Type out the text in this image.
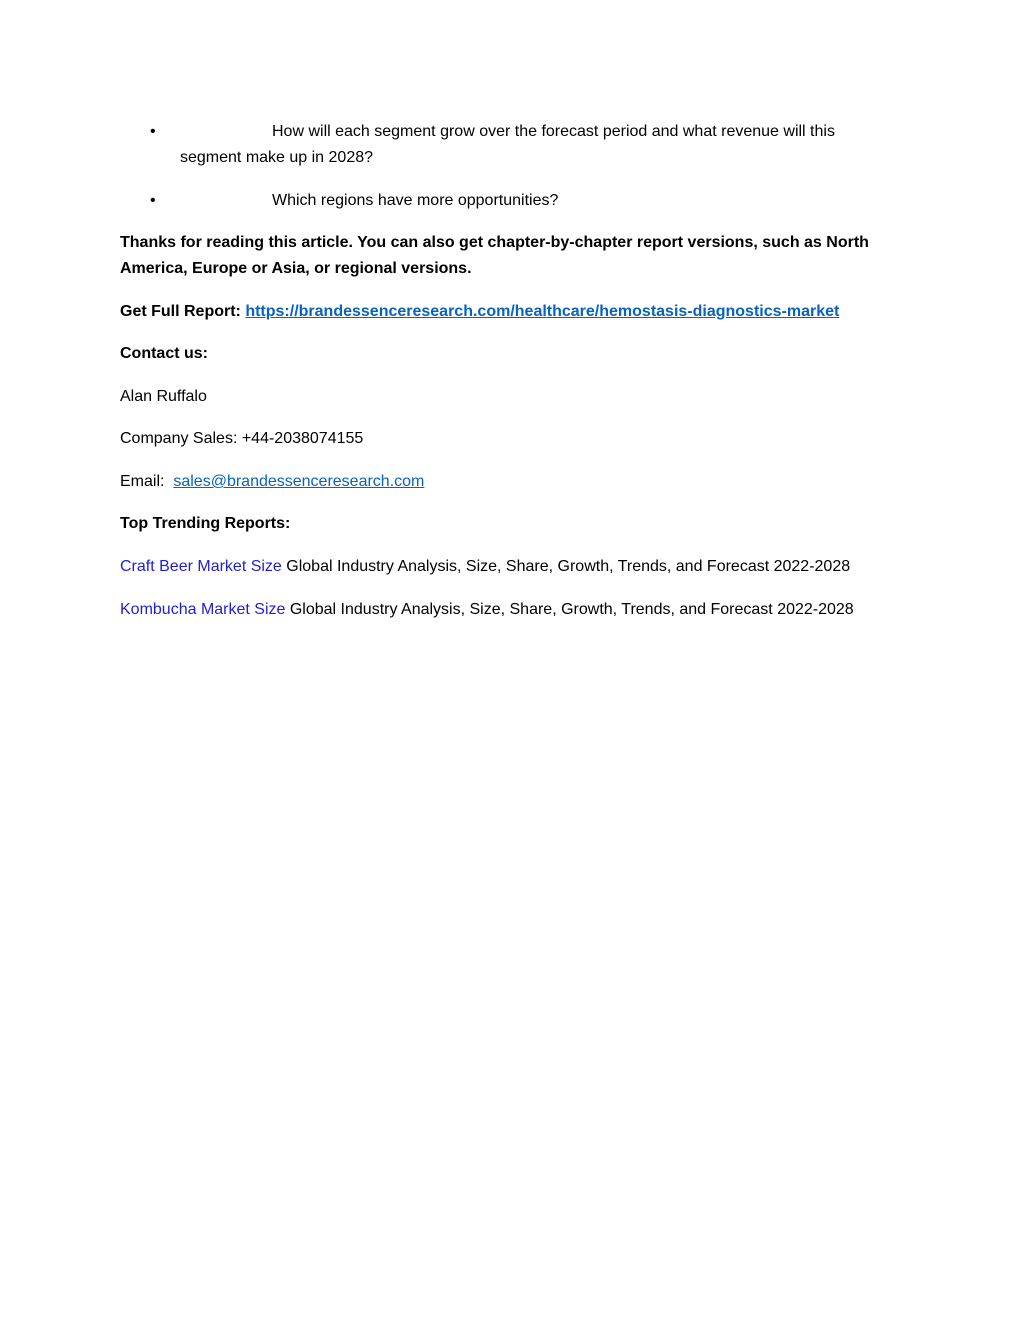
•	How will each segment grow over the forecast period and what revenue will this segment make up in 2028?
•	Which regions have more opportunities?

Thanks for reading this article. You can also get chapter-by-chapter report versions, such as North America, Europe or Asia, or regional versions.

Get Full Report: https://brandessenceresearch.com/healthcare/hemostasis-diagnostics-market

Contact us:

Alan Ruffalo

Company Sales: +44-2038074155

Email:  sales@brandessenceresearch.com

Top Trending Reports:

Craft Beer Market Size Global Industry Analysis, Size, Share, Growth, Trends, and Forecast 2022-2028

Kombucha Market Size Global Industry Analysis, Size, Share, Growth, Trends, and Forecast 2022-2028
